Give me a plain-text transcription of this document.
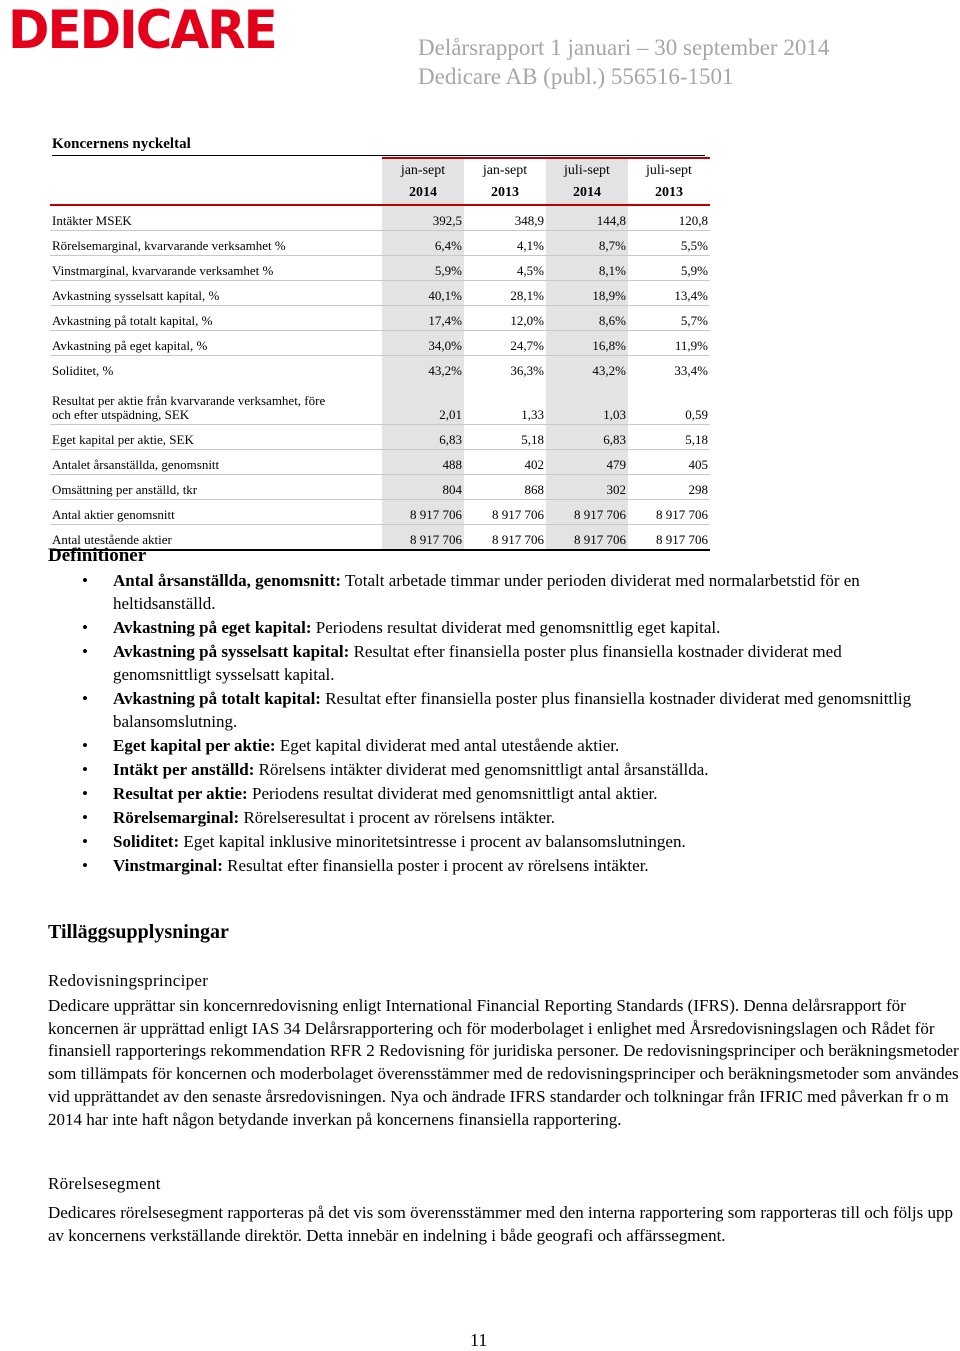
DEDICARE	Delårsrapport 1 januari – 30 september 2014
Dedicare AB (publ.) 556516-1501
Koncernens nyckeltal
	jan-sept	jan-sept	juli-sept	juli-sept
	2014	2013	2014	2013
Intäkter MSEK	392,5	348,9	144,8	120,8
Rörelsemarginal, kvarvarande verksamhet %	6,4%	4,1%	8,7%	5,5%
Vinstmarginal, kvarvarande verksamhet %	5,9%	4,5%	8,1%	5,9%
Avkastning sysselsatt kapital, %	40,1%	28,1%	18,9%	13,4%
Avkastning på totalt kapital, %	17,4%	12,0%	8,6%	5,7%
Avkastning på eget kapital, %	34,0%	24,7%	16,8%	11,9%
Soliditet, %	43,2%	36,3%	43,2%	33,4%
Resultat per aktie från kvarvarande verksamhet, före
och efter utspädning, SEK	2,01	1,33	1,03	0,59
Eget kapital per aktie, SEK	6,83	5,18	6,83	5,18
Antalet årsanställda, genomsnitt	488	402	479	405
Omsättning per anställd, tkr	804	868	302	298
Antal aktier genomsnitt	8 917 706	8 917 706	8 917 706	8 917 706
Antal utestående aktier	8 917 706	8 917 706	8 917 706	8 917 706
Definitioner
• Antal årsanställda, genomsnitt: Totalt arbetade timmar under perioden dividerat med normalarbetstid för en heltidsanställd.
• Avkastning på eget kapital: Periodens resultat dividerat med genomsnittlig eget kapital.
• Avkastning på sysselsatt kapital: Resultat efter finansiella poster plus finansiella kostnader dividerat med genomsnittligt sysselsatt kapital.
• Avkastning på totalt kapital: Resultat efter finansiella poster plus finansiella kostnader dividerat med genomsnittlig balansomslutning.
• Eget kapital per aktie: Eget kapital dividerat med antal utestående aktier.
• Intäkt per anställd: Rörelsens intäkter dividerat med genomsnittligt antal årsanställda.
• Resultat per aktie: Periodens resultat dividerat med genomsnittligt antal aktier.
• Rörelsemarginal: Rörelseresultat i procent av rörelsens intäkter.
• Soliditet: Eget kapital inklusive minoritetsintresse i procent av balansomslutningen.
• Vinstmarginal: Resultat efter finansiella poster i procent av rörelsens intäkter.
Tilläggsupplysningar
Redovisningsprinciper
Dedicare upprättar sin koncernredovisning enligt International Financial Reporting Standards (IFRS). Denna delårsrapport för koncernen är upprättad enligt IAS 34 Delårsrapportering och för moderbolaget i enlighet med Årsredovisningslagen och Rådet för finansiell rapporterings rekommendation RFR 2 Redovisning för juridiska personer. De redovisningsprinciper och beräkningsmetoder som tillämpats för koncernen och moderbolaget överensstämmer med de redovisningsprinciper och beräkningsmetoder som användes vid upprättandet av den senaste årsredovisningen. Nya och ändrade IFRS standarder och tolkningar från IFRIC med påverkan fr o m 2014 har inte haft någon betydande inverkan på koncernens finansiella rapportering.
Rörelsesegment
Dedicares rörelsesegment rapporteras på det vis som överensstämmer med den interna rapportering som rapporteras till och följs upp av koncernens verkställande direktör. Detta innebär en indelning i både geografi och affärssegment.
11
